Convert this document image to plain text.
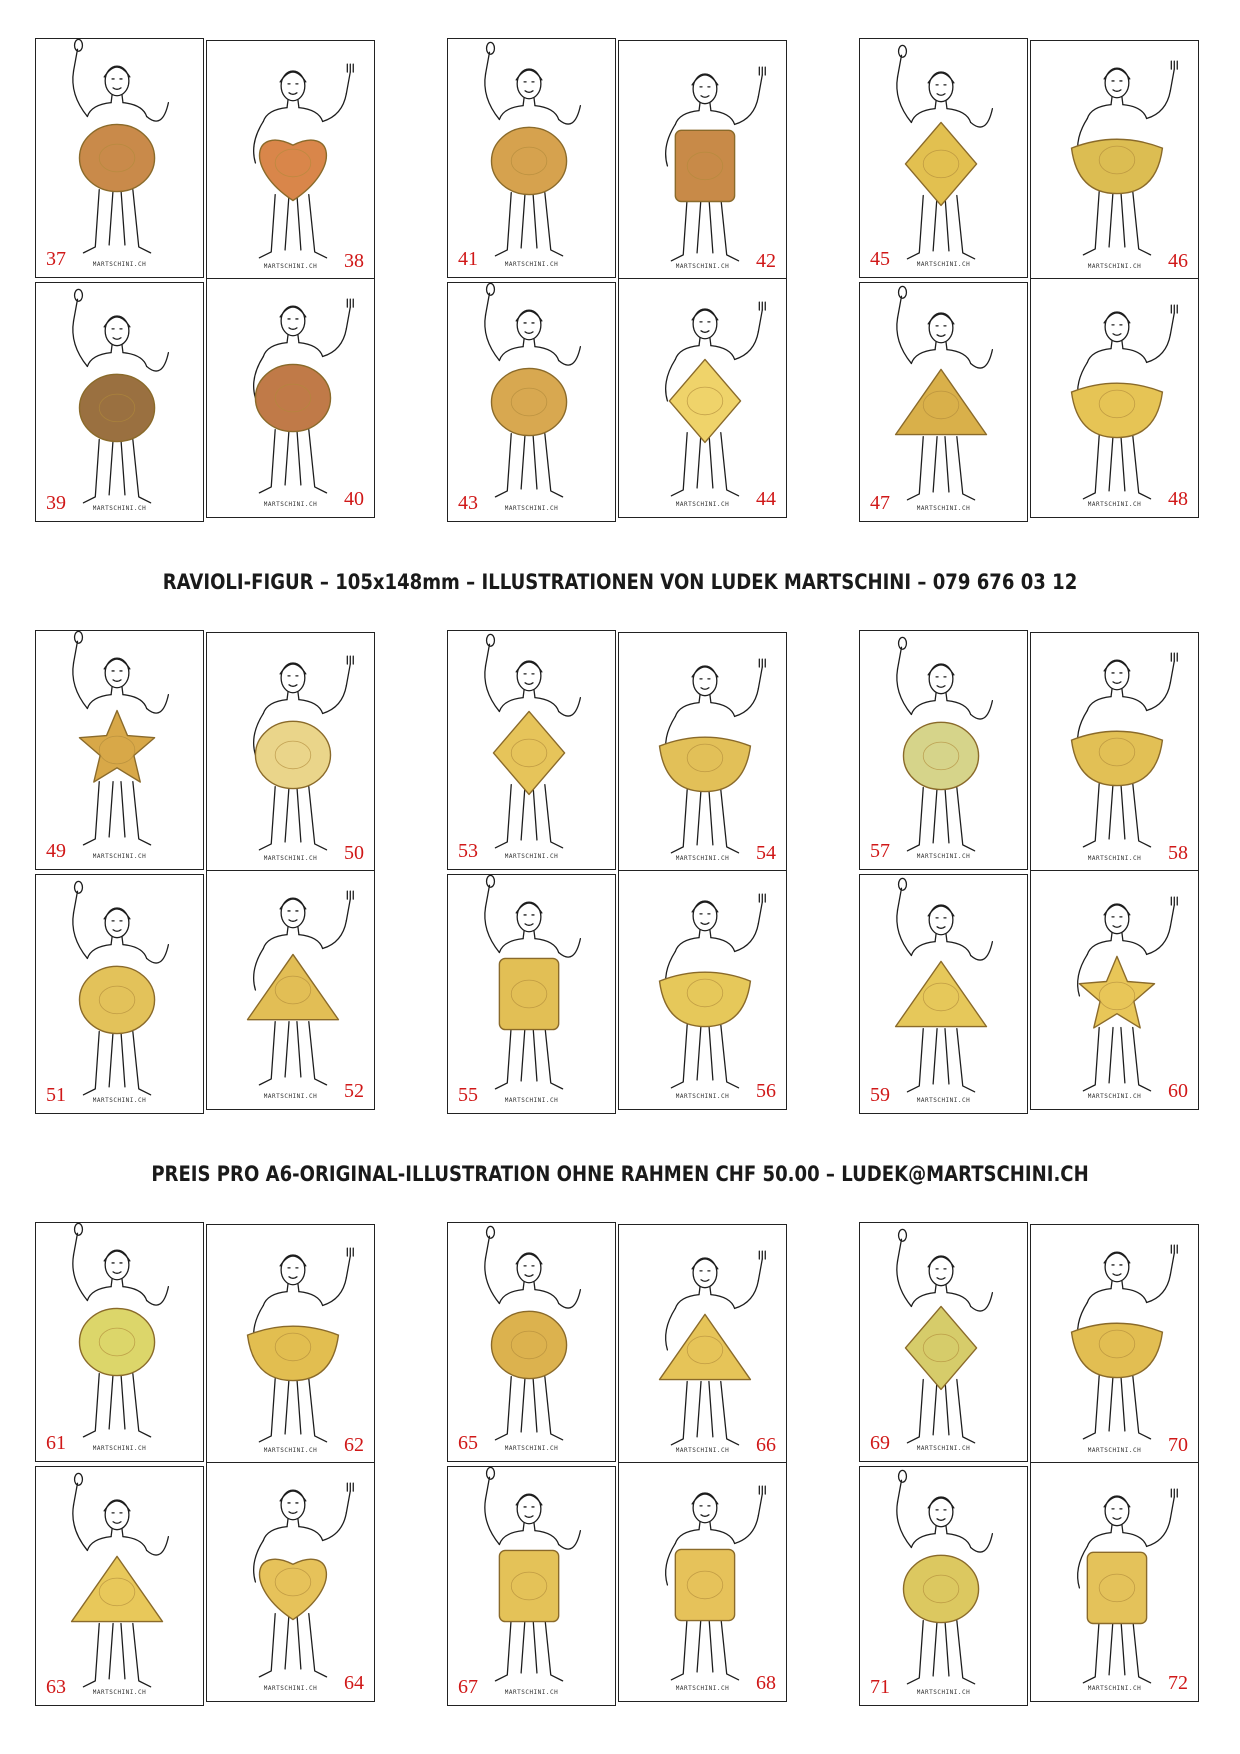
RAVIOLI-FIGUR – 105x148mm – ILLUSTRATIONEN VON LUDEK MARTSCHINI – 079 676 03 12
PREIS PRO A6-ORIGINAL-ILLUSTRATION OHNE RAHMEN CHF 50.00 – LUDEK@MARTSCHINI.CH
37	MARTSCHINI.CH	38
MARTSCHINI.CH
39	MARTSCHINI.CH	40
MARTSCHINI.CH
41	MARTSCHINI.CH	42
MARTSCHINI.CH
43	MARTSCHINI.CH	44
MARTSCHINI.CH
45	MARTSCHINI.CH	46
MARTSCHINI.CH
47	MARTSCHINI.CH	48
MARTSCHINI.CH
49	MARTSCHINI.CH	50
MARTSCHINI.CH
51	MARTSCHINI.CH	52
MARTSCHINI.CH
53	MARTSCHINI.CH	54
MARTSCHINI.CH
55	MARTSCHINI.CH	56
MARTSCHINI.CH
57	MARTSCHINI.CH	58
MARTSCHINI.CH
59	MARTSCHINI.CH	60
MARTSCHINI.CH
61	MARTSCHINI.CH	62
MARTSCHINI.CH
63	MARTSCHINI.CH	64
MARTSCHINI.CH
65	MARTSCHINI.CH	66
MARTSCHINI.CH
67	MARTSCHINI.CH	68
MARTSCHINI.CH
69	MARTSCHINI.CH	70
MARTSCHINI.CH
71	MARTSCHINI.CH	72
MARTSCHINI.CH
